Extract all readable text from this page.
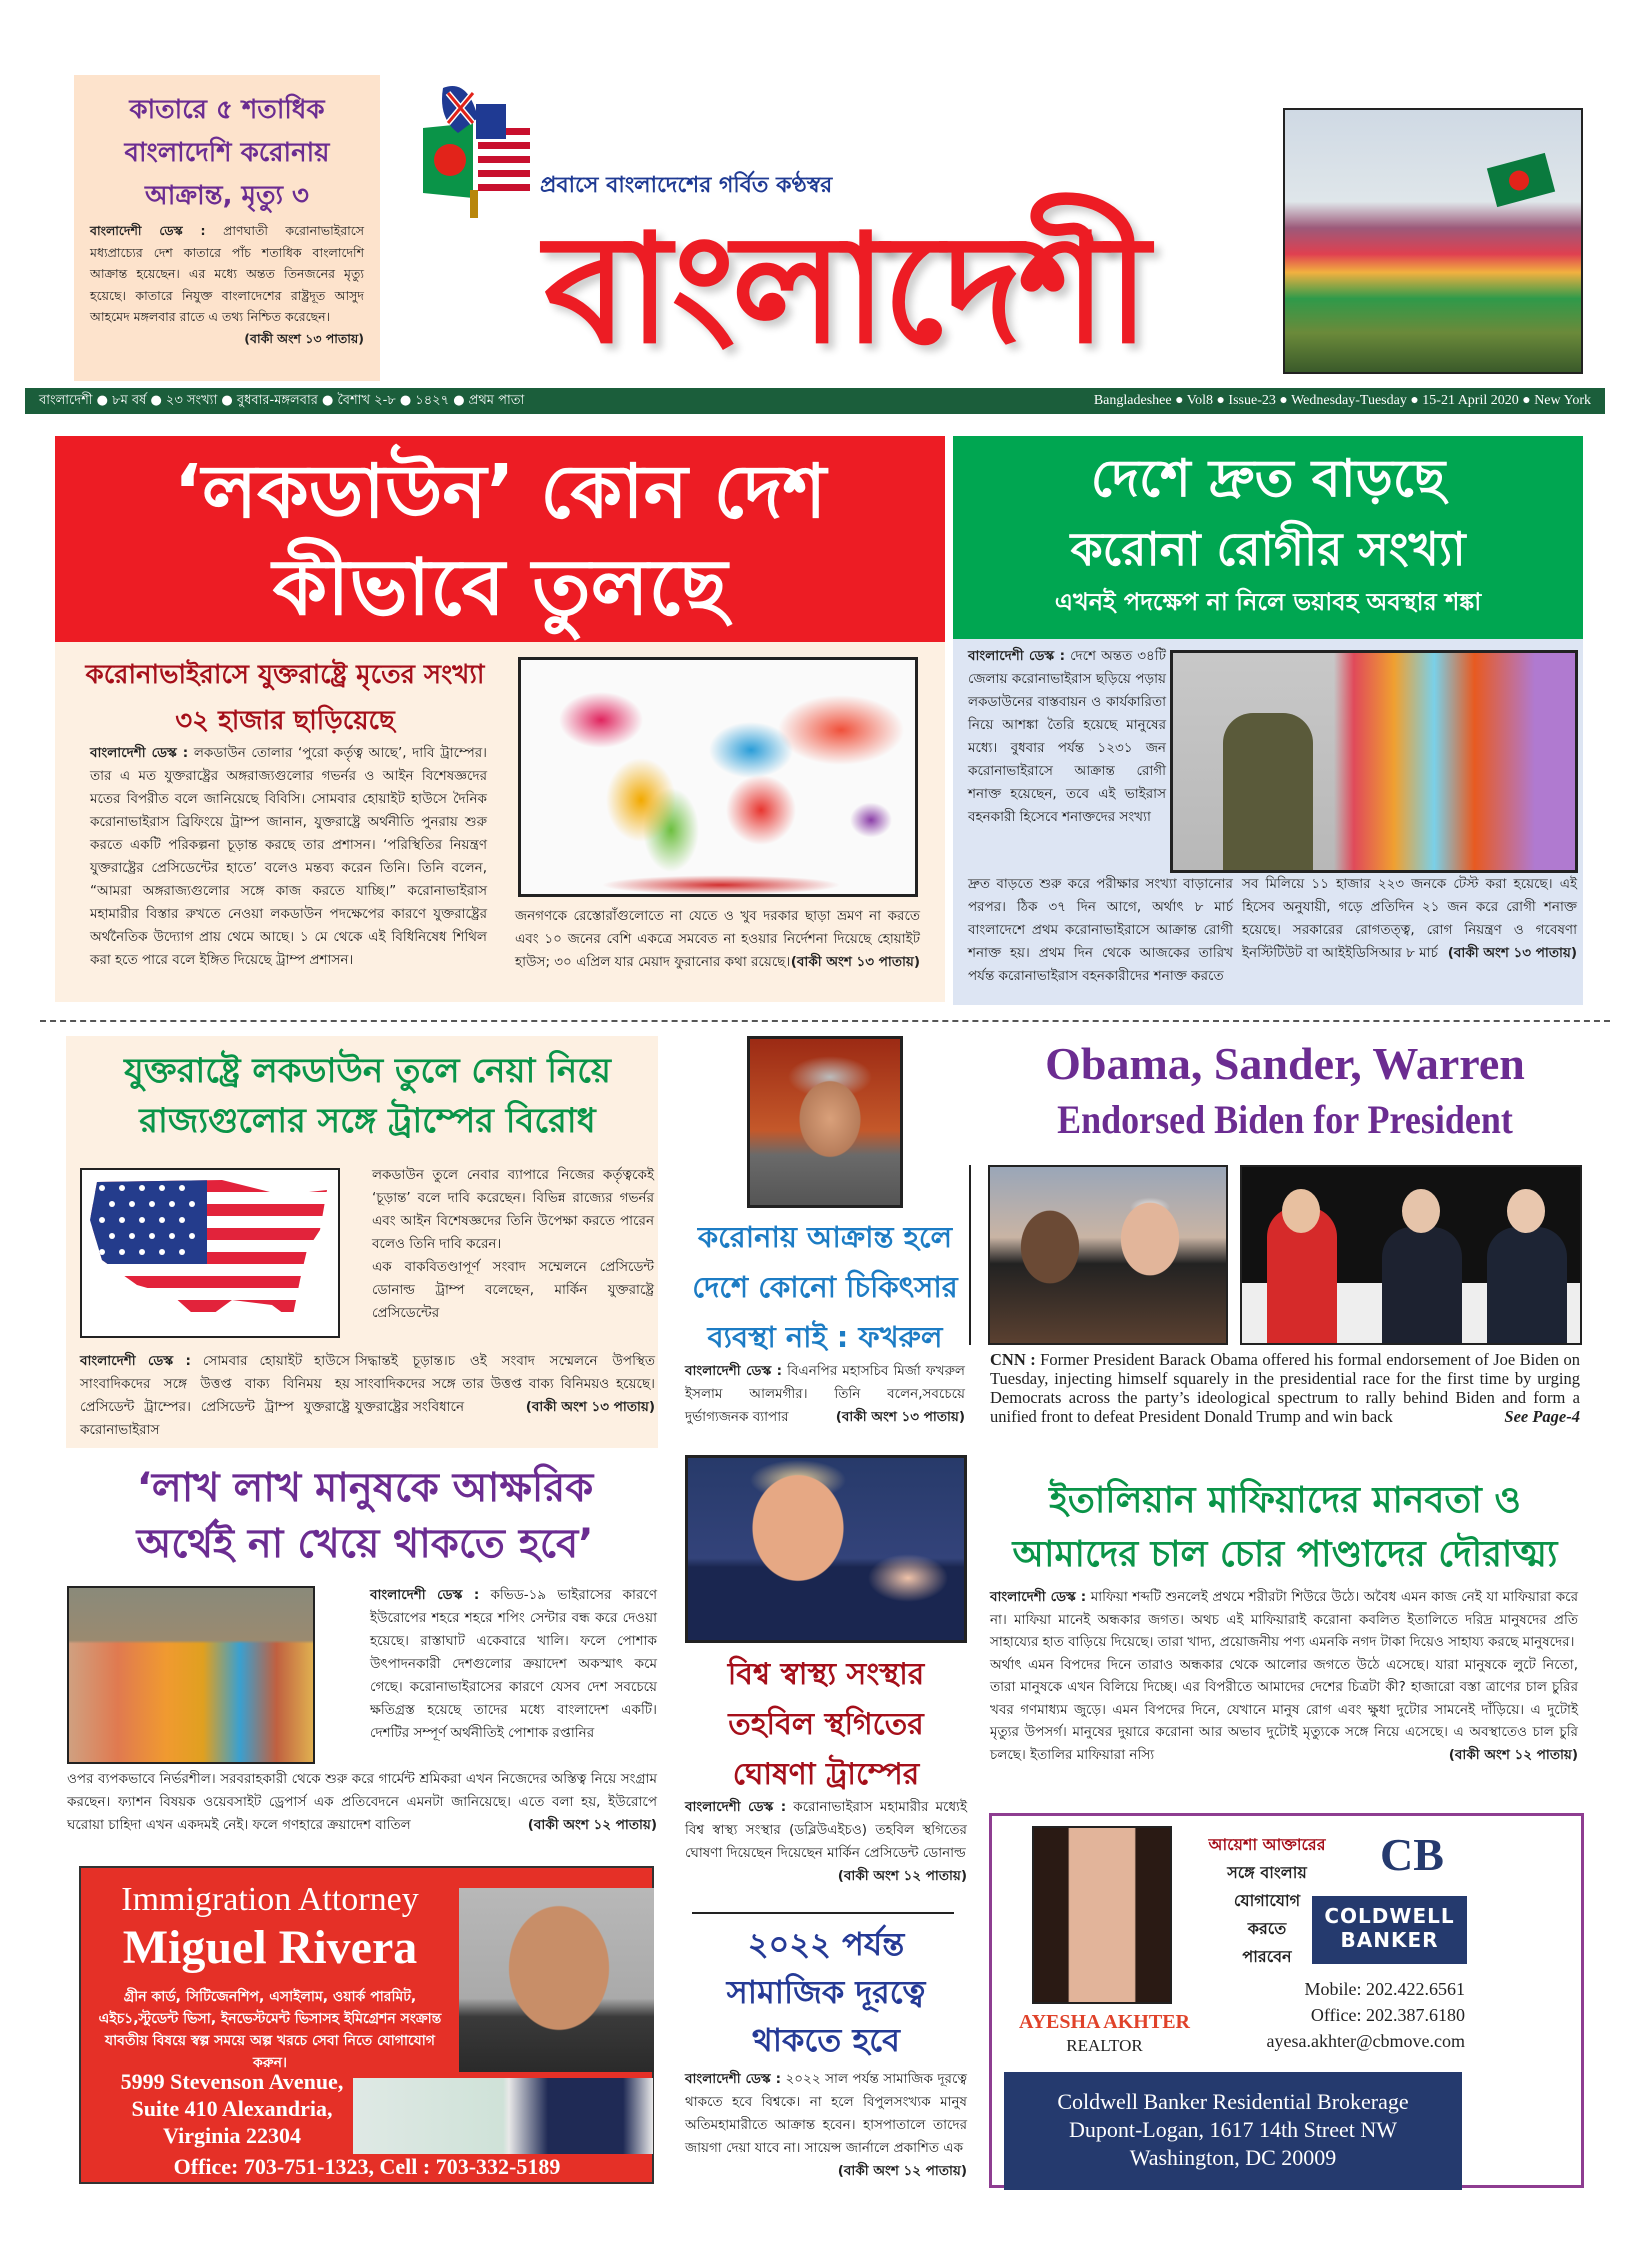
কাতারে ৫ শতাধিক বাংলাদেশি করোনায় আক্রান্ত, মৃত্যু ৩
বাংলাদেশী ডেস্ক : প্রাণঘাতী করোনাভাইরাসে মধ্যপ্রাচ্যের দেশ কাতারে পাঁচ শতাধিক বাংলাদেশি আক্রান্ত হয়েছেন। এর মধ্যে অন্তত তিনজনের মৃত্যু হয়েছে। কাতারে নিযুক্ত বাংলাদেশের রাষ্ট্রদূত আসুদ আহমেদ মঙ্গলবার রাতে এ তথ্য নিশ্চিত করেছেন।
(বাকী অংশ ১৩ পাতায়)
প্রবাসে বাংলাদেশের গর্বিত কণ্ঠস্বর
বাংলাদেশী
বাংলাদেশী ● ৮ম বর্ষ ● ২৩ সংখ্যা ● বুধবার-মঙ্গলবার ● বৈশাখ ২-৮ ● ১৪২৭ ● প্রথম পাতা	Bangladeshee ● Vol8 ● Issue-23 ● Wednesday-Tuesday ● 15-21 April 2020 ● New York
‘লকডাউন’ কোন দেশ
কীভাবে তুলছে
করোনাভাইরাসে যুক্তরাষ্ট্রে মৃতের সংখ্যা ৩২ হাজার ছাড়িয়েছে
বাংলাদেশী ডেস্ক : লকডাউন তোলার ‘পুরো কর্তৃত্ব আছে’, দাবি ট্রাম্পের। তার এ মত যুক্তরাষ্ট্রের অঙ্গরাজ্যগুলোর গভর্নর ও আইন বিশেষজ্ঞদের মতের বিপরীত বলে জানিয়েছে বিবিসি। সোমবার হোয়াইট হাউসে দৈনিক করোনাভাইরাস ব্রিফিংয়ে ট্রাম্প জানান, যুক্তরাষ্ট্রে অর্থনীতি পুনরায় শুরু করতে একটি পরিকল্পনা চূড়ান্ত করছে তার প্রশাসন। ‘পরিস্থিতির নিয়ন্ত্রণ যুক্তরাষ্ট্রের প্রেসিডেন্টের হাতে’ বলেও মন্তব্য করেন তিনি। তিনি বলেন, “আমরা অঙ্গরাজ্যগুলোর সঙ্গে কাজ করতে যাচ্ছি।” করোনাভাইরাস মহামারীর বিস্তার রুখতে নেওয়া লকডাউন পদক্ষেপের কারণে যুক্তরাষ্ট্রের অর্থনৈতিক উদ্যোগ প্রায় থেমে আছে। ১ মে থেকে এই বিধিনিষেধ শিথিল করা হতে পারে বলে ইঙ্গিত দিয়েছে ট্রাম্প প্রশাসন।
জনগণকে রেস্তোরাঁগুলোতে না যেতে ও খুব দরকার ছাড়া ভ্রমণ না করতে এবং ১০ জনের বেশি একত্রে সমবেত না হওয়ার নির্দেশনা দিয়েছে হোয়াইট হাউস; ৩০ এপ্রিল যার মেয়াদ ফুরানোর কথা রয়েছে। (বাকী অংশ ১৩ পাতায়)
দেশে দ্রুত বাড়ছে
করোনা রোগীর সংখ্যা
এখনই পদক্ষেপ না নিলে ভয়াবহ অবস্থার শঙ্কা
বাংলাদেশী ডেস্ক : দেশে অন্তত ৩৪টি জেলায় করোনাভাইরাস ছড়িয়ে পড়ায় লকডাউনের বাস্তবায়ন ও কার্যকারিতা নিয়ে আশঙ্কা তৈরি হয়েছে মানুষের মধ্যে। বুধবার পর্যন্ত ১২৩১ জন করোনাভাইরাসে আক্রান্ত রোগী শনাক্ত হয়েছেন, তবে এই ভাইরাস বহনকারী হিসেবে শনাক্তদের সংখ্যা
দ্রুত বাড়তে শুরু করে পরীক্ষার সংখ্যা বাড়ানোর পরপর। ঠিক ৩৭ দিন আগে, অর্থাৎ ৮ মার্চ বাংলাদেশে প্রথম করোনাভাইরাসে আক্রান্ত রোগী শনাক্ত হয়। প্রথম দিন থেকে আজকের তারিখ পর্যন্ত করোনাভাইরাস বহনকারীদের শনাক্ত করতে
সব মিলিয়ে ১১ হাজার ২২৩ জনকে টেস্ট করা হয়েছে। এই হিসেব অনুযায়ী, গড়ে প্রতিদিন ২১ জন করে রোগী শনাক্ত হয়েছে। সরকারের রোগতত্ত্ব, রোগ নিয়ন্ত্রণ ও গবেষণা ইনস্টিটিউট বা আইইডিসিআর ৮ মার্চ (বাকী অংশ ১৩ পাতায়)
যুক্তরাষ্ট্রে লকডাউন তুলে নেয়া নিয়ে রাজ্যগুলোর সঙ্গে ট্রাম্পের বিরোধ
লকডাউন তুলে নেবার ব্যাপারে নিজের কর্তৃত্বকেই ‘চূড়ান্ত’ বলে দাবি করেছেন। বিভিন্ন রাজ্যের গভর্নর এবং আইন বিশেষজ্ঞদের তিনি উপেক্ষা করতে পারেন বলেও তিনি দাবি করেন।
এক বাকবিতণ্ডাপূর্ণ সংবাদ সম্মেলনে প্রেসিডেন্ট ডোনাল্ড ট্রাম্প বলেছেন, মার্কিন যুক্তরাষ্ট্রে প্রেসিডেন্টের
বাংলাদেশী ডেস্ক : সোমবার হোয়াইট হাউসে সাংবাদিকদের সঙ্গে উত্তপ্ত বাক্য বিনিময় হয় প্রেসিডেন্ট ট্রাম্পের। প্রেসিডেন্ট ট্রাম্প যুক্তরাষ্ট্রে করোনাভাইরাস
সিদ্ধান্তই চূড়ান্ত।চ ওই সংবাদ সম্মেলনে উপস্থিত সাংবাদিকদের সঙ্গে তার উত্তপ্ত বাক্য বিনিময়ও হয়েছে। যুক্তরাষ্ট্রের সংবিধানে	(বাকী অংশ ১৩ পাতায়)
করোনায় আক্রান্ত হলে দেশে কোনো চিকিৎসার ব্যবস্থা নাই : ফখরুল
বাংলাদেশী ডেস্ক : বিএনপির মহাসচিব মির্জা ফখরুল ইসলাম আলমগীর। তিনি বলেন,সবচেয়ে দুর্ভাগ্যজনক ব্যাপার	(বাকী অংশ ১৩ পাতায়)
Obama, Sander, Warren
Endorsed Biden for President
CNN : Former President Barack Obama offered his formal endorsement of Joe Biden on Tuesday, injecting himself squarely in the presidential race for the first time by urging Democrats across the party’s ideological spectrum to rally behind Biden and form a unified front to defeat President Donald Trump and win back	See Page-4
‘লাখ লাখ মানুষকে আক্ষরিক
অর্থেই না খেয়ে থাকতে হবে’
বাংলাদেশী ডেস্ক : কভিড-১৯ ভাইরাসের কারণে ইউরোপের শহরে শহরে শপিং সেন্টার বন্ধ করে দেওয়া হয়েছে। রাস্তাঘাট একেবারে খালি। ফলে পোশাক উৎপাদনকারী দেশগুলোর ক্রয়াদেশ অকস্মাৎ কমে গেছে। করোনাভাইরাসের কারণে যেসব দেশ সবচেয়ে ক্ষতিগ্রস্ত হয়েছে তাদের মধ্যে বাংলাদেশ একটি। দেশটির সম্পূর্ণ অর্থনীতিই পোশাক রপ্তানির
ওপর ব্যপকভাবে নির্ভরশীল। সরবরাহকারী থেকে শুরু করে গার্মেন্ট শ্রমিকরা এখন নিজেদের অস্তিত্ব নিয়ে সংগ্রাম করছেন। ফ্যাশন বিষয়ক ওয়েবসাইট ড্রেপার্স এক প্রতিবেদনে এমনটা জানিয়েছে। এতে বলা হয়, ইউরোপে ঘরোয়া চাহিদা এখন একদমই নেই। ফলে গণহারে ক্রয়াদেশ বাতিল	(বাকী অংশ ১২ পাতায়)
বিশ্ব স্বাস্থ্য সংস্থার তহবিল স্থগিতের ঘোষণা ট্রাম্পের
বাংলাদেশী ডেস্ক : করোনাভাইরাস মহামারীর মধ্যেই বিশ্ব স্বাস্থ্য সংস্থার (ডব্লিউএইচও) তহবিল স্থগিতের ঘোষণা দিয়েছেন দিয়েছেন মার্কিন প্রেসিডেন্ট ডোনাল্ড
(বাকী অংশ ১২ পাতায়)
২০২২ পর্যন্ত সামাজিক দূরত্বে থাকতে হবে
বাংলাদেশী ডেস্ক : ২০২২ সাল পর্যন্ত সামাজিক দূরত্বে থাকতে হবে বিশ্বকে। না হলে বিপুলসংখ্যক মানুষ অতিমহামারীতে আক্রান্ত হবেন। হাসপাতালে তাদের জায়গা দেয়া যাবে না। সায়েন্স জার্নালে প্রকাশিত এক
(বাকী অংশ ১২ পাতায়)
ইতালিয়ান মাফিয়াদের মানবতা ও
আমাদের চাল চোর পাণ্ডাদের দৌরাত্ম্য
বাংলাদেশী ডেস্ক : মাফিয়া শব্দটি শুনলেই প্রথমে শরীরটা শিউরে উঠে। অবৈধ এমন কাজ নেই যা মাফিয়ারা করে না। মাফিয়া মানেই অন্ধকার জগত। অথচ এই মাফিয়ারাই করোনা কবলিত ইতালিতে দরিদ্র মানুষদের প্রতি সাহায্যের হাত বাড়িয়ে দিয়েছে। তারা খাদ্য, প্রয়োজনীয় পণ্য এমনকি নগদ টাকা দিয়েও সাহায্য করছে মানুষদের।
অর্থাৎ এমন বিপদের দিনে তারাও অন্ধকার থেকে আলোর জগতে উঠে এসেছে। যারা মানুষকে লুটে নিতো, তারা মানুষকে এখন বিলিয়ে দিচ্ছে। এর বিপরীতে আমাদের দেশের চিত্রটা কী? হাজারো বস্তা ত্রাণের চাল চুরির খবর গণমাধ্যম জুড়ে। এমন বিপদের দিনে, যেখানে মানুষ রোগ এবং ক্ষুধা দুটোর সামনেই দাঁড়িয়ে। এ দুটোই মৃত্যুর উপসর্গ। মানুষের দুয়ারে করোনা আর অভাব দুটোই মৃত্যুকে সঙ্গে নিয়ে এসেছে। এ অবস্থাতেও চাল চুরি চলছে। ইতালির মাফিয়ারা নস্যি	(বাকী অংশ ১২ পাতায়)
Immigration Attorney
Miguel Rivera
গ্রীন কার্ড, সিটিজেনশিপ, এসাইলাম, ওয়ার্ক পারমিট, এইচ১,স্টুডেন্ট ভিসা, ইনভেস্টমেন্ট ভিসাসহ ইমিগ্রেশন সংক্রান্ত যাবতীয় বিষয়ে স্বল্প সময়ে অল্প খরচে সেবা নিতে যোগাযোগ করুন।
5999 Stevenson Avenue,
Suite 410 Alexandria,
Virginia 22304
Office: 703-751-1323, Cell : 703-332-5189
AYESHA AKHTER
REALTOR
আয়েশা আক্তারের
সঙ্গে বাংলায়
যোগাযোগ
করতে
পারবেন
CB
COLDWELL
BANKER
Mobile: 202.422.6561
Office: 202.387.6180
ayesa.akhter@cbmove.com
Coldwell Banker Residential Brokerage
Dupont-Logan, 1617 14th Street NW
Washington, DC 20009
